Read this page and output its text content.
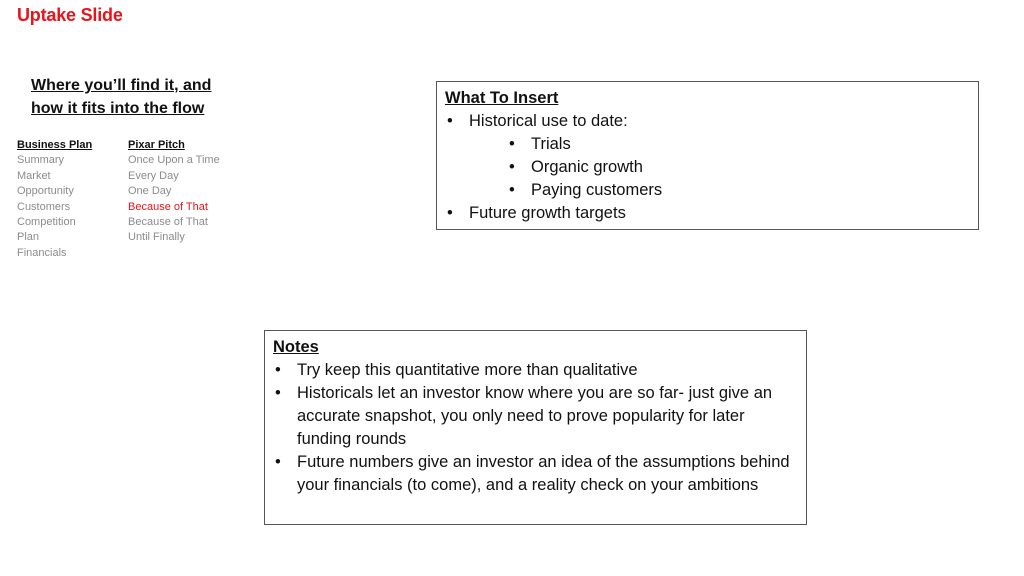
Uptake Slide
Where you’ll find it, and
how it fits into the flow
Business Plan
Summary
Market
Opportunity
Customers
Competition
Plan
Financials
Pixar Pitch
Once Upon a Time
Every Day
One Day
Because of That
Because of That
Until Finally
What To Insert
• Historical use to date:
• Trials
• Organic growth
• Paying customers
• Future growth targets
Notes
• Try keep this quantitative more than qualitative
• Historicals let an investor know where you are so far- just give an accurate snapshot, you only need to prove popularity for later funding rounds
• Future numbers give an investor an idea of the assumptions behind your financials (to come), and a reality check on your ambitions
